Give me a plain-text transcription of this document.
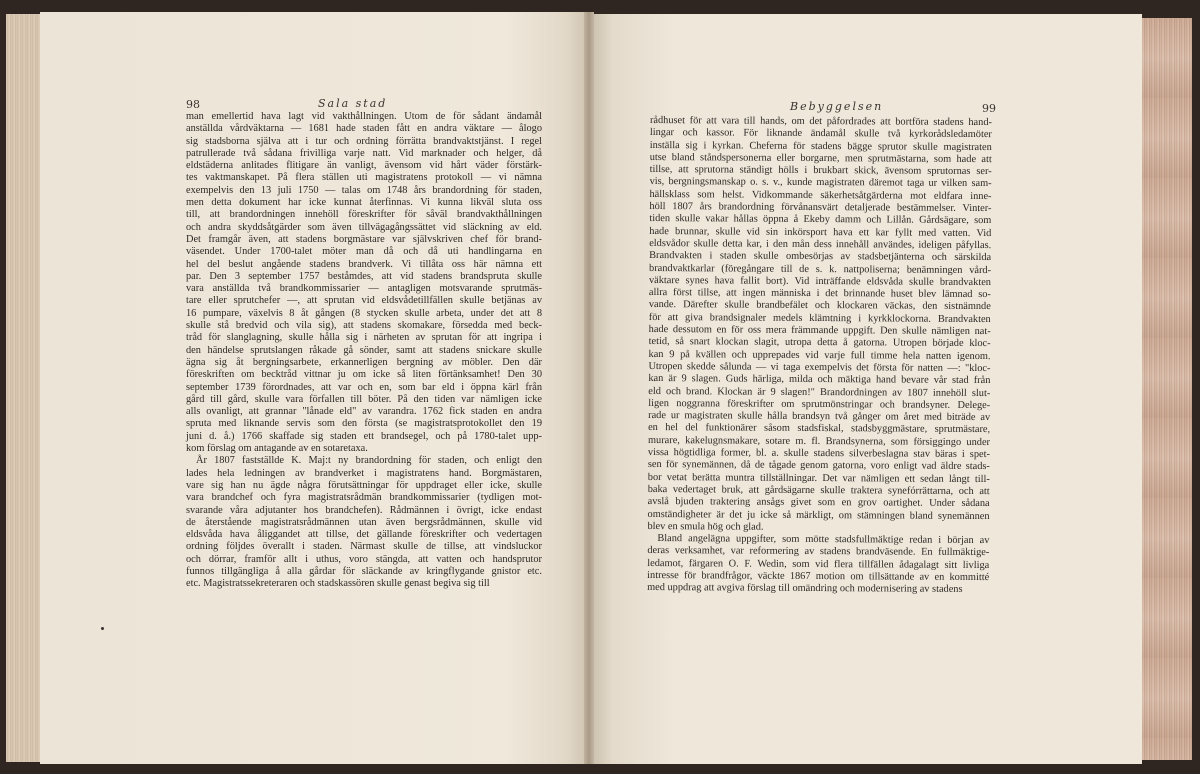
98	Sala stad	Bebyggelsen	99
man emellertid hava lagt vid vakthållningen. Utom de för sådant ändamål
anställda vårdväktarna — 1681 hade staden fått en andra väktare — ålogo
sig stadsborna själva att i tur och ordning förrätta brandvaktstjänst. I regel
patrullerade två sådana frivilliga varje natt. Vid marknader och helger, då
eldstäderna anlitades flitigare än vanligt, ävensom vid hårt väder förstärk-
tes vaktmanskapet. På flera ställen uti magistratens protokoll — vi nämna
exempelvis den 13 juli 1750 — talas om 1748 års brandordning för staden,
men detta dokument har icke kunnat återfinnas. Vi kunna likväl sluta oss
till, att brandordningen innehöll föreskrifter för såväl brandvakthållningen
och andra skyddsåtgärder som även tillvägagångssättet vid släckning av eld.
Det framgår även, att stadens borgmästare var självskriven chef för brand-
väsendet. Under 1700-talet möter man då och då uti handlingarna en
hel del beslut angående stadens brandverk. Vi tillåta oss här nämna ett
par. Den 3 september 1757 beståmdes, att vid stadens brandspruta skulle
vara anställda två brandkommissarier — antagligen motsvarande sprutmäs-
tare eller sprutchefer —, att sprutan vid eldsvådetillfällen skulle betjänas av
16 pumpare, växelvis 8 åt gången (8 stycken skulle arbeta, under det att 8
skulle stå bredvid och vila sig), att stadens skomakare, försedda med beck-
tråd för slanglagning, skulle hålla sig i närheten av sprutan för att ingripa i
den händelse sprutslangen råkade gå sönder, samt att stadens snickare skulle
ägna sig åt bergningsarbete, erkannerligen bergning av möbler. Den där
föreskriften om becktråd vittnar ju om icke så liten förtänksamhet! Den 30
september 1739 förordnades, att var och en, som bar eld i öppna kärl från
gård till gård, skulle vara förfallen till böter. På den tiden var nämligen icke
alls ovanligt, att grannar "lånade eld" av varandra. 1762 fick staden en andra
spruta med liknande servis som den första (se magistratsprotokollet den 19
juni d. å.) 1766 skaffade sig staden ett brandsegel, och på 1780-talet upp-
kom förslag om antagande av en sotaretaxa.
År 1807 fastställde K. Maj:t ny brandordning för staden, och enligt den
lades hela ledningen av brandverket i magistratens hand. Borgmästaren,
vare sig han nu ägde några förutsättningar för uppdraget eller icke, skulle
vara brandchef och fyra magistratsrådmän brandkommissarier (tydligen mot-
svarande våra adjutanter hos brandchefen). Rådmännen i övrigt, icke endast
de återstående magistratsrådmännen utan även bergsrådmännen, skulle vid
eldsvåda hava åliggandet att tillse, det gällande föreskrifter och vedertagen
ordning följdes överallt i staden. Närmast skulle de tillse, att vindsluckor
och dörrar, framför allt i uthus, voro stängda, att vatten och handsprutor
funnos tillgängliga å alla gårdar för släckande av kringflygande gnistor etc.
etc. Magistratssekreteraren och stadskassören skulle genast begiva sig till
rådhuset för att vara till hands, om det påfordrades att bortföra stadens hand-
lingar och kassor. För liknande ändamål skulle två kyrkorådsledamöter
inställa sig i kyrkan. Cheferna för stadens bägge sprutor skulle magistraten
utse bland ståndspersonerna eller borgarne, men sprutmästarna, som hade att
tillse, att sprutorna ständigt hölls i brukbart skick, ävensom sprutornas ser-
vis, bergningsmanskap o. s. v., kunde magistraten däremot taga ur vilken sam-
hällsklass som helst. Vidkommande säkerhetsåtgärderna mot eldfara inne-
höll 1807 års brandordning förvånansvärt detaljerade bestämmelser. Vinter-
tiden skulle vakar hållas öppna å Ekeby damm och Lillån. Gårdsägare, som
hade brunnar, skulle vid sin inkörsport hava ett kar fyllt med vatten. Vid
eldsvådor skulle detta kar, i den mån dess innehåll användes, ideligen påfyllas.
Brandvakten i staden skulle ombesörjas av stadsbetjänterna och särskilda
brandvaktkarlar (föregångare till de s. k. nattpoliserna; benämningen vård-
väktare synes hava fallit bort). Vid inträffande eldsvåda skulle brandvakten
allra först tillse, att ingen människa i det brinnande huset blev lämnad so-
vande. Därefter skulle brandbefälet och klockaren väckas, den sistnämnde
för att giva brandsignaler medels klämtning i kyrkklockorna. Brandvakten
hade dessutom en för oss mera främmande uppgift. Den skulle nämligen nat-
tetid, så snart klockan slagit, utropa detta å gatorna. Utropen började kloc-
kan 9 på kvällen och upprepades vid varje full timme hela natten igenom.
Utropen skedde sålunda — vi taga exempelvis det första för natten —: "kloc-
kan är 9 slagen. Guds härliga, milda och mäktiga hand bevare vår stad från
eld och brand. Klockan är 9 slagen!" Brandordningen av 1807 innehöll slut-
ligen noggranna föreskrifter om sprutmönstringar och brandsyner. Delege-
rade ur magistraten skulle hålla brandsyn två gånger om året med biträde av
en hel del funktionärer såsom stadsfiskal, stadsbyggmästare, sprutmästare,
murare, kakelugnsmakare, sotare m. fl. Brandsynerna, som försiggingo under
vissa högtidliga former, bl. a. skulle stadens silverbeslagna stav bäras i spet-
sen för synemännen, då de tågade genom gatorna, voro enligt vad äldre stads-
bor vetat berätta muntra tillställningar. Det var nämligen ett sedan långt till-
baka vedertaget bruk, att gårdsägarne skulle traktera synefórrättarna, och att
avslå bjuden traktering ansågs givet som en grov oartighet. Under sådana
omständigheter är det ju icke så märkligt, om stämningen bland synemännen
blev en smula hög och glad.
Bland angelägna uppgifter, som mötte stadsfullmäktige redan i början av
deras verksamhet, var reformering av stadens brandväsende. En fullmäktige-
ledamot, färgaren O. F. Wedin, som vid flera tillfällen ådagalagt sitt livliga
intresse för brandfrågor, väckte 1867 motion om tillsättande av en kommitté
med uppdrag att avgiva förslag till omändring och modernisering av stadens
